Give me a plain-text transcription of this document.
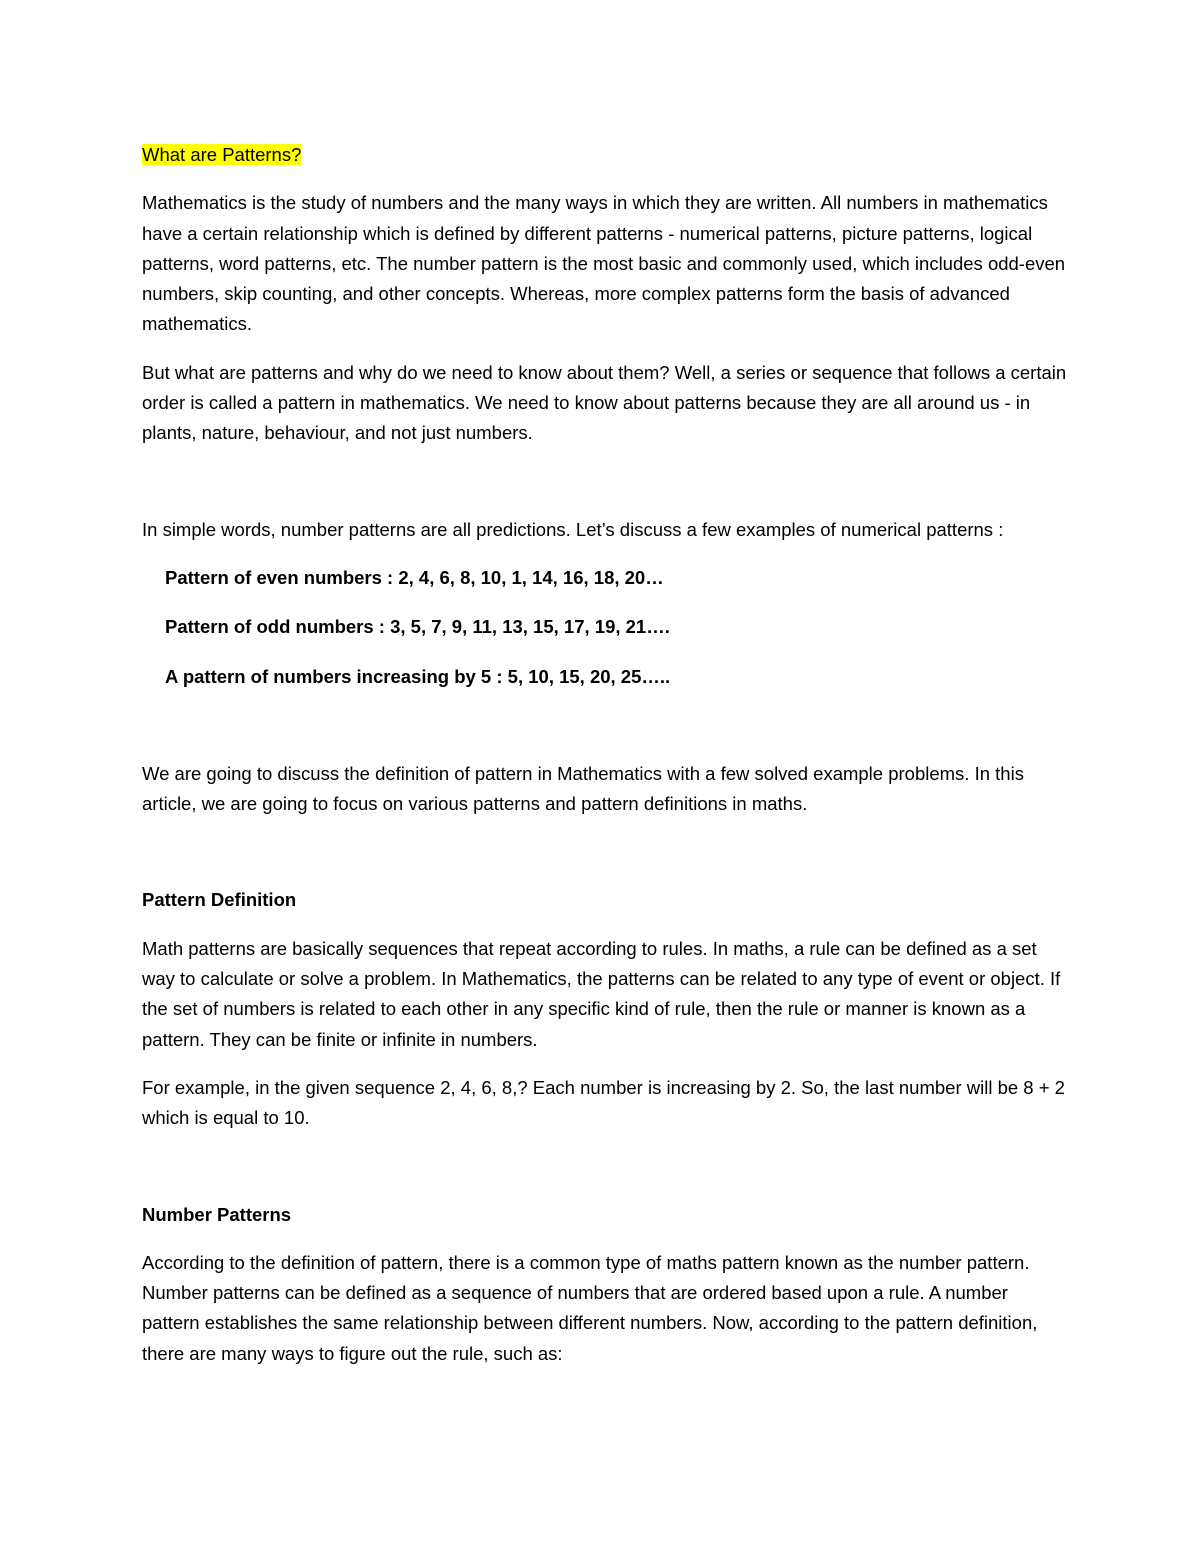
What are Patterns?

Mathematics is the study of numbers and the many ways in which they are written. All numbers in mathematics have a certain relationship which is defined by different patterns - numerical patterns, picture patterns, logical patterns, word patterns, etc. The number pattern is the most basic and commonly used, which includes odd-even numbers, skip counting, and other concepts. Whereas, more complex patterns form the basis of advanced mathematics.

But what are patterns and why do we need to know about them? Well, a series or sequence that follows a certain order is called a pattern in mathematics. We need to know about patterns because they are all around us - in plants, nature, behaviour, and not just numbers.

In simple words, number patterns are all predictions. Let’s discuss a few examples of numerical patterns :

Pattern of even numbers : 2, 4, 6, 8, 10, 1, 14, 16, 18, 20…

Pattern of odd numbers : 3, 5, 7, 9, 11, 13, 15, 17, 19, 21….

A pattern of numbers increasing by 5 : 5, 10, 15, 20, 25…..

We are going to discuss the definition of pattern in Mathematics with a few solved example problems. In this article, we are going to focus on various patterns and pattern definitions in maths.

Pattern Definition

Math patterns are basically sequences that repeat according to rules. In maths, a rule can be defined as a set way to calculate or solve a problem. In Mathematics, the patterns can be related to any type of event or object. If the set of numbers is related to each other in any specific kind of rule, then the rule or manner is known as a pattern. They can be finite or infinite in numbers.

For example, in the given sequence 2, 4, 6, 8,? Each number is increasing by 2. So, the last number will be 8 + 2 which is equal to 10.

Number Patterns

According to the definition of pattern, there is a common type of maths pattern known as the number pattern. Number patterns can be defined as a sequence of numbers that are ordered based upon a rule. A number pattern establishes the same relationship between different numbers. Now, according to the pattern definition, there are many ways to figure out the rule, such as:
